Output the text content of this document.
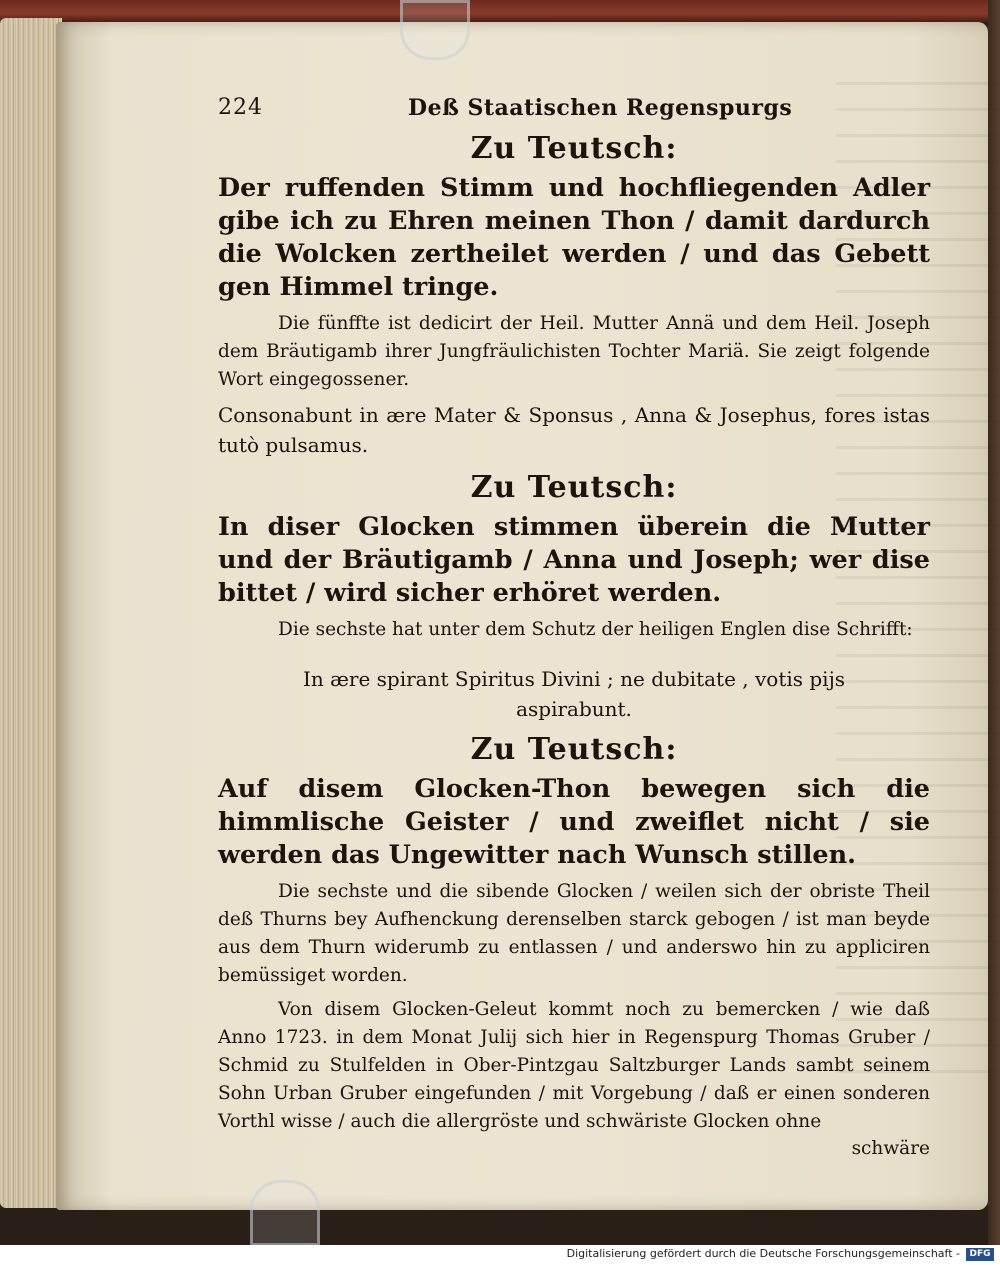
224	Deß Staatischen Regenspurgs
Zu Teutsch:

Der ruffenden Stimm und hochfliegenden Adler gibe ich zu Ehren meinen Thon / damit dardurch die Wolcken zertheilet werden / und das Gebett gen Himmel tringe.

Die fünffte ist dedicirt der Heil. Mutter Annä und dem Heil. Joseph dem Bräutigamb ihrer Jungfräulichisten Tochter Mariä. Sie zeigt folgende Wort eingegossener.

Consonabunt in ære Mater & Sponsus , Anna & Josephus, fores istas tutò pulsamus.

Zu Teutsch:

In diser Glocken stimmen überein die Mutter und der Bräutigamb / Anna und Joseph; wer dise bittet / wird sicher erhöret werden.

Die sechste hat unter dem Schutz der heiligen Englen dise Schrifft:

In ære spirant Spiritus Divini ; ne dubitate , votis pijs aspirabunt.

Zu Teutsch:

Auf disem Glocken-Thon bewegen sich die himmlische Geister / und zweiflet nicht / sie werden das Ungewitter nach Wunsch stillen.

Die sechste und die sibende Glocken / weilen sich der obriste Theil deß Thurns bey Aufhenckung derenselben starck gebogen / ist man beyde aus dem Thurn widerumb zu entlassen / und anderswo hin zu appliciren bemüssiget worden.

Von disem Glocken-Geleut kommt noch zu bemercken / wie daß Anno 1723. in dem Monat Julij sich hier in Regenspurg Thomas Gruber / Schmid zu Stulfelden in Ober-Pintzgau Saltzburger Lands sambt seinem Sohn Urban Gruber eingefunden / mit Vorgebung / daß er einen sonderen Vorthl wisse / auch die allergröste und schwäriste Glocken ohne

schwäre

Digitalisierung gefördert durch die Deutsche Forschungsgemeinschaft -	DFG
